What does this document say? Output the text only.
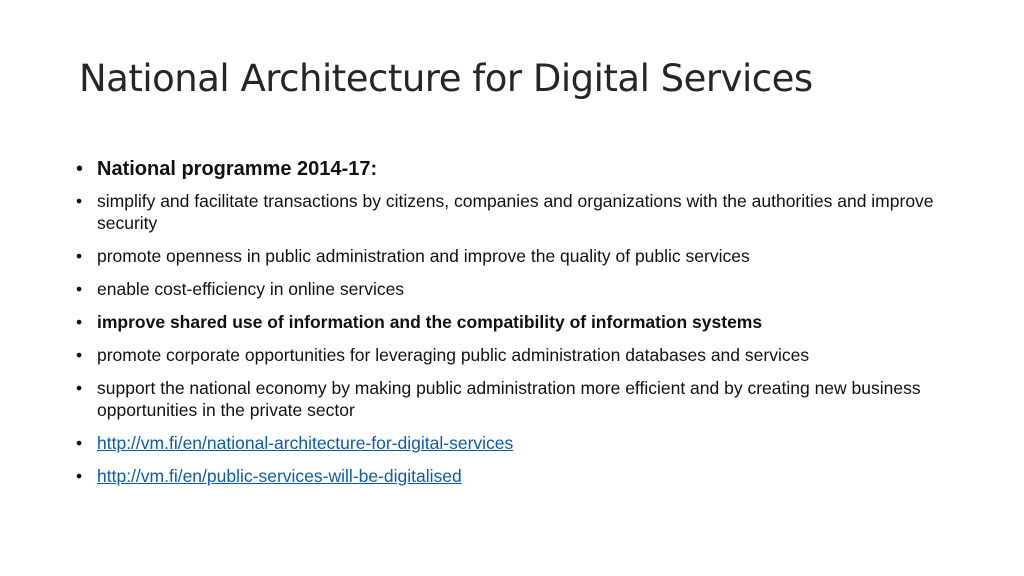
National Architecture for Digital Services
• National programme 2014-17:
• simplify and facilitate transactions by citizens, companies and organizations with the authorities and improve security
• promote openness in public administration and improve the quality of public services
• enable cost-efficiency in online services
• improve shared use of information and the compatibility of information systems
• promote corporate opportunities for leveraging public administration databases and services
• support the national economy by making public administration more efficient and by creating new business opportunities in the private sector
• http://vm.fi/en/national-architecture-for-digital-services
• http://vm.fi/en/public-services-will-be-digitalised
